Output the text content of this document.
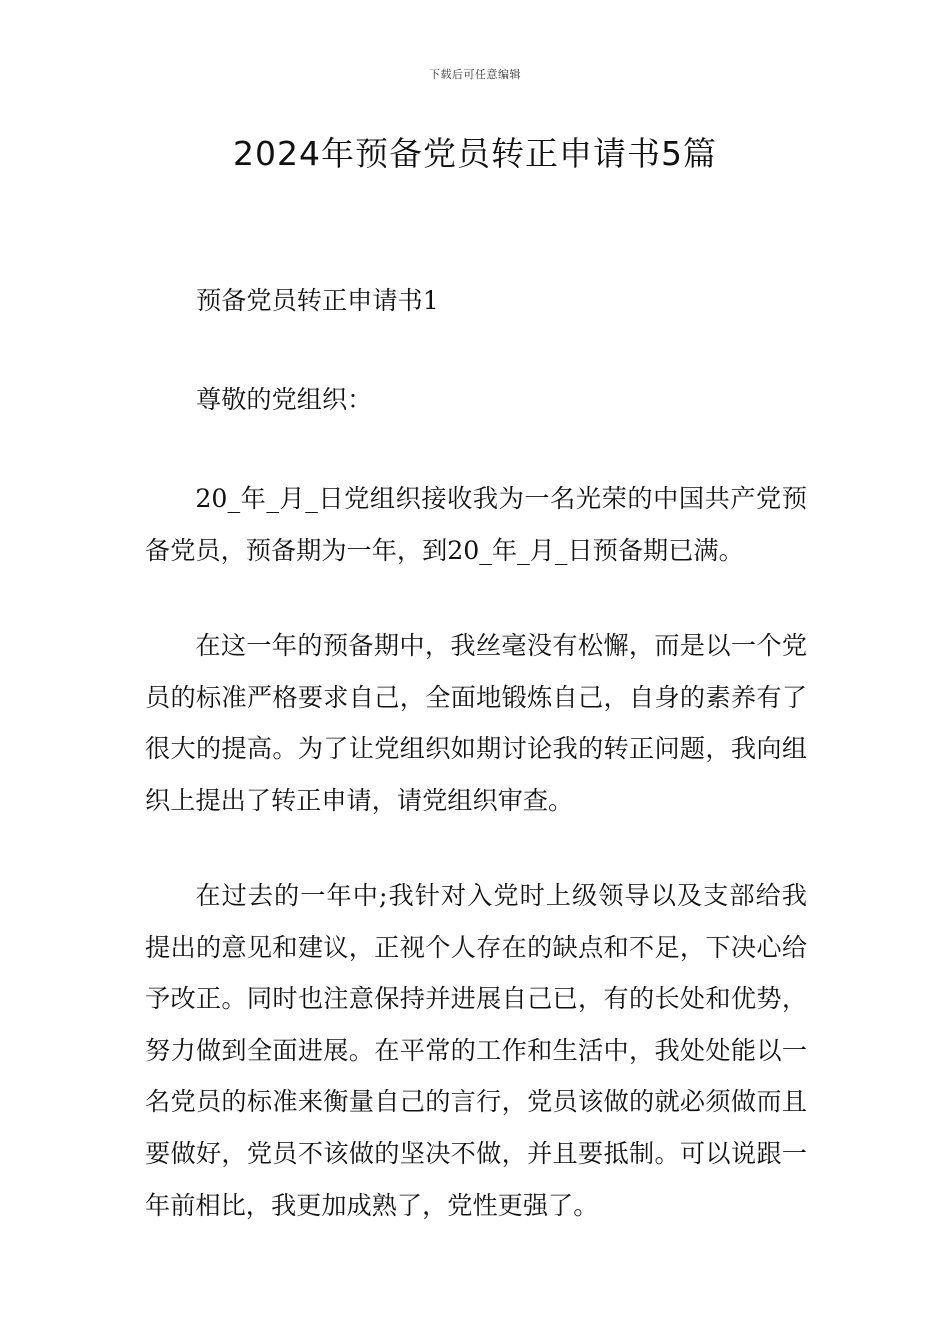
下载后可任意编辑
2024年预备党员转正申请书5篇

预备党员转正申请书1

尊敬的党组织：

20_年_月_日党组织接收我为一名光荣的中国共产党预备党员，预备期为一年，到20_年_月_日预备期已满。

在这一年的预备期中，我丝毫没有松懈，而是以一个党员的标准严格要求自己，全面地锻炼自己，自身的素养有了很大的提高。为了让党组织如期讨论我的转正问题，我向组织上提出了转正申请，请党组织审查。

在过去的一年中;我针对入党时上级领导以及支部给我提出的意见和建议，正视个人存在的缺点和不足，下决心给予改正。同时也注意保持并进展自己已，有的长处和优势，努力做到全面进展。在平常的工作和生活中，我处处能以一名党员的标准来衡量自己的言行，党员该做的就必须做而且要做好，党员不该做的坚决不做，并且要抵制。可以说跟一年前相比，我更加成熟了，党性更强了。
